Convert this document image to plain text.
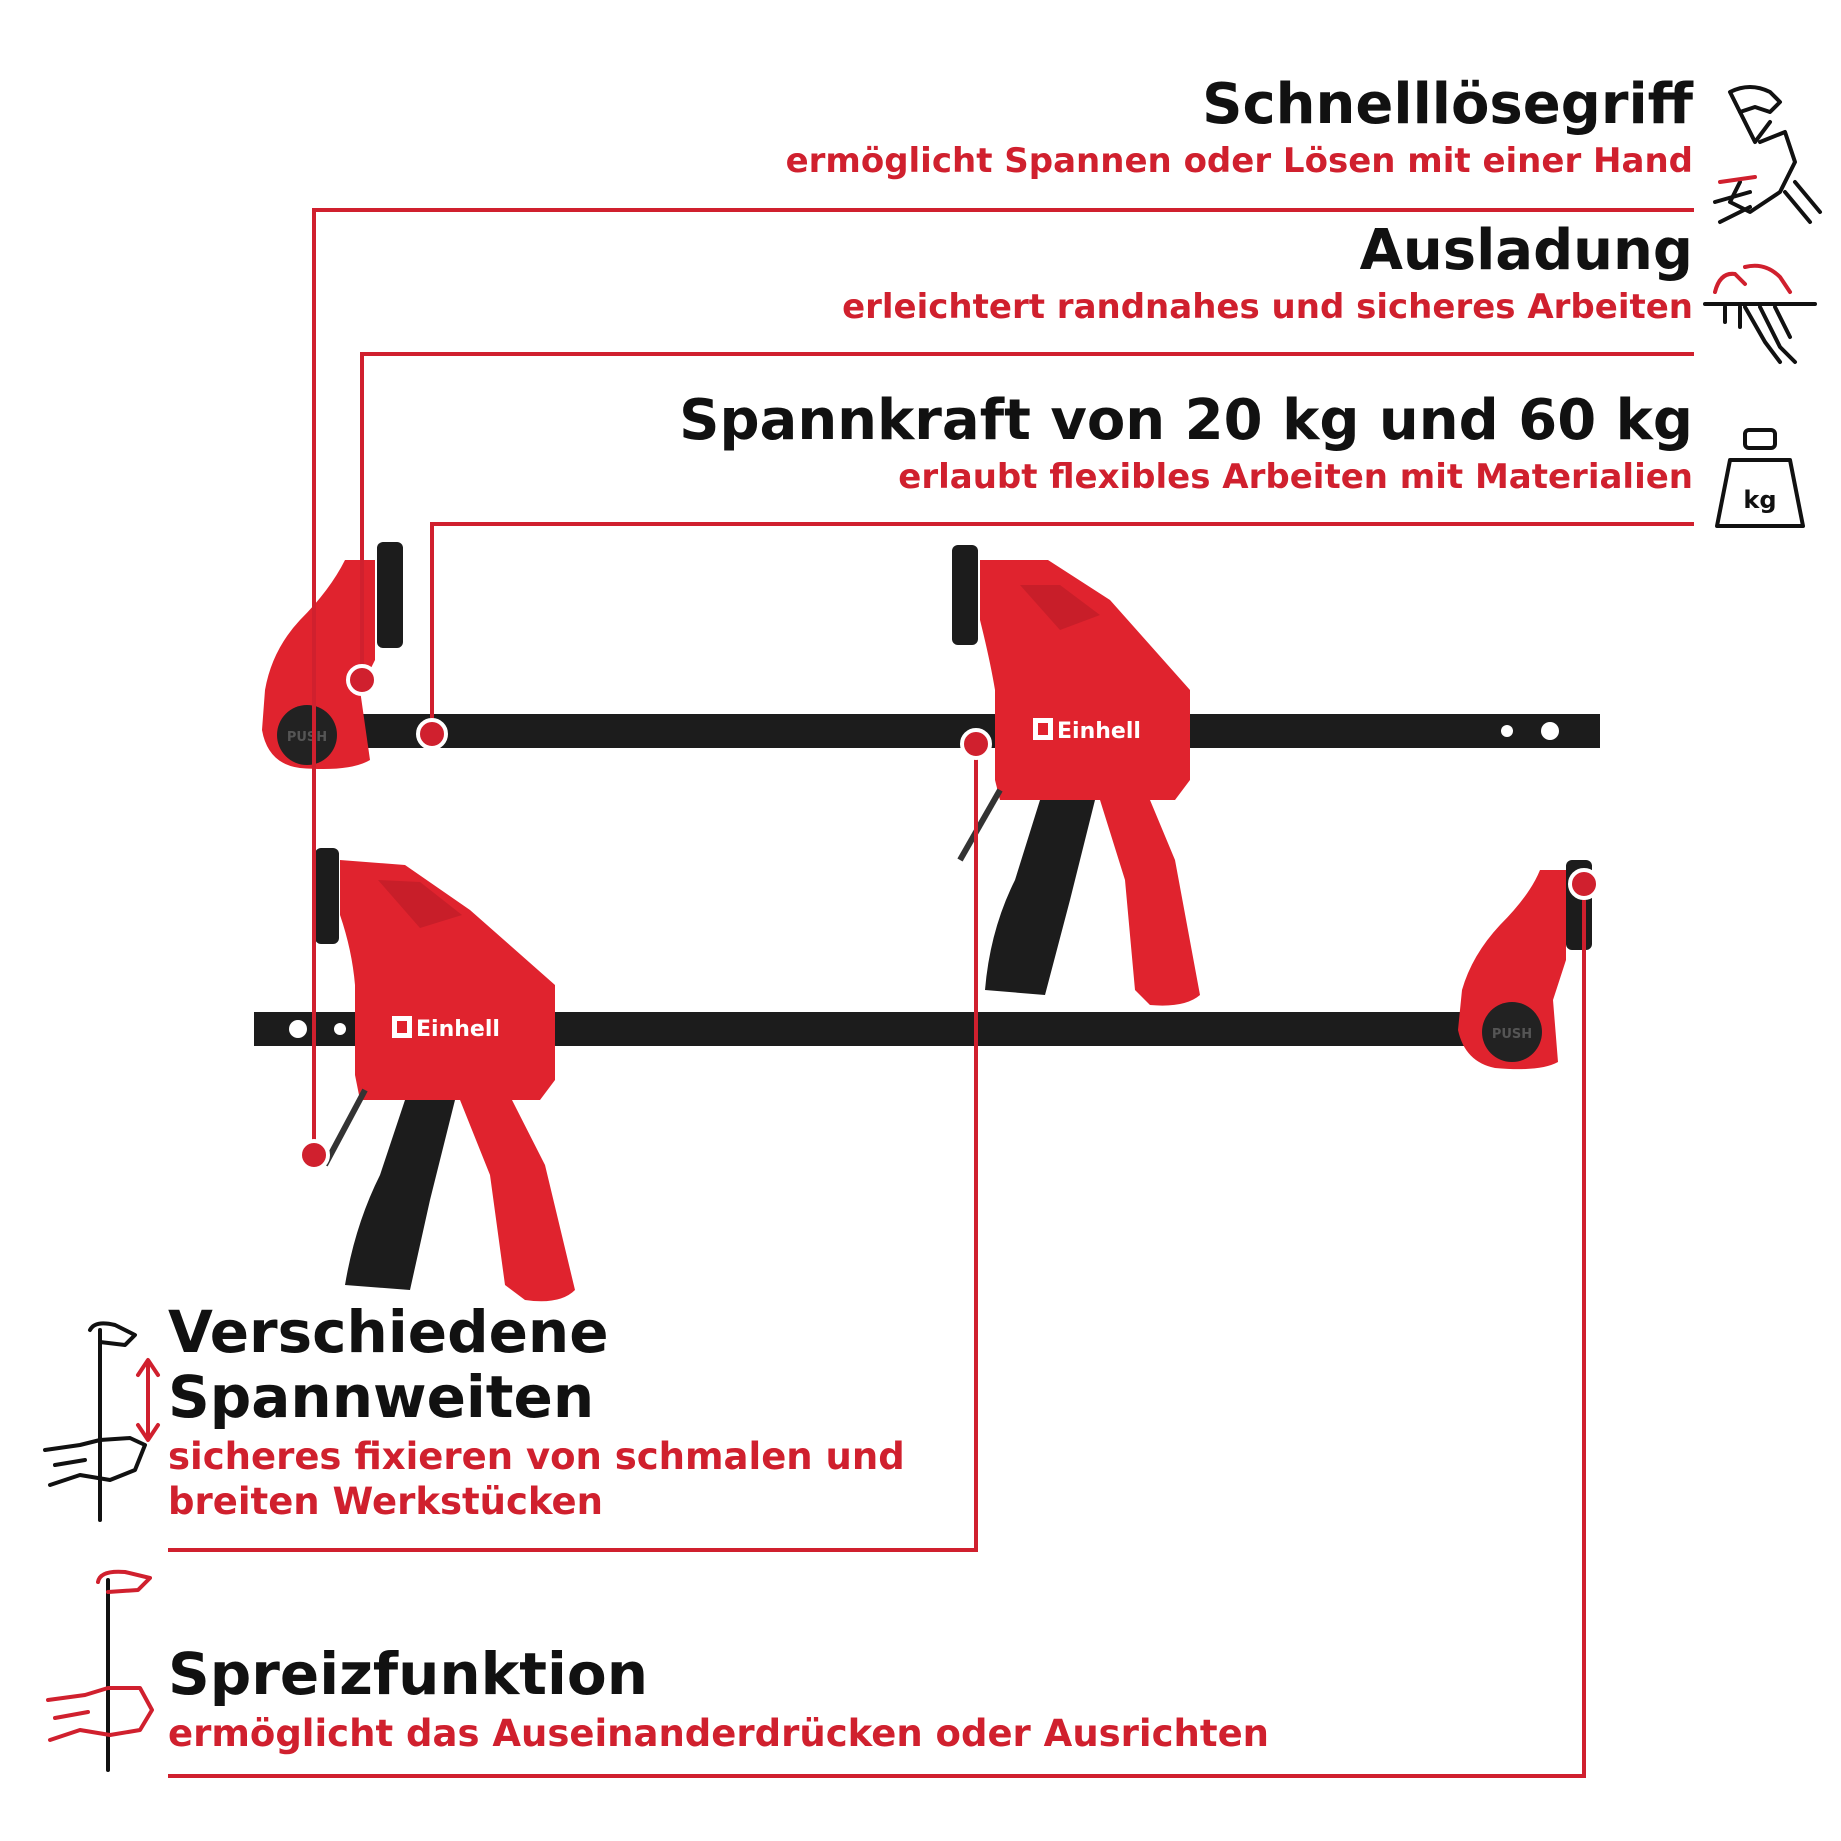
PUSH	Einhell
Einhell	PUSH
kg
Schnelllösegriff
ermöglicht Spannen oder Lösen mit einer Hand
Ausladung
erleichtert randnahes und sicheres Arbeiten
Spannkraft von 20 kg und 60 kg
erlaubt flexibles Arbeiten mit Materialien
Verschiedene
Spannweiten
sicheres fixieren von schmalen und
breiten Werkstücken
Spreizfunktion
ermöglicht das Auseinanderdrücken oder Ausrichten
